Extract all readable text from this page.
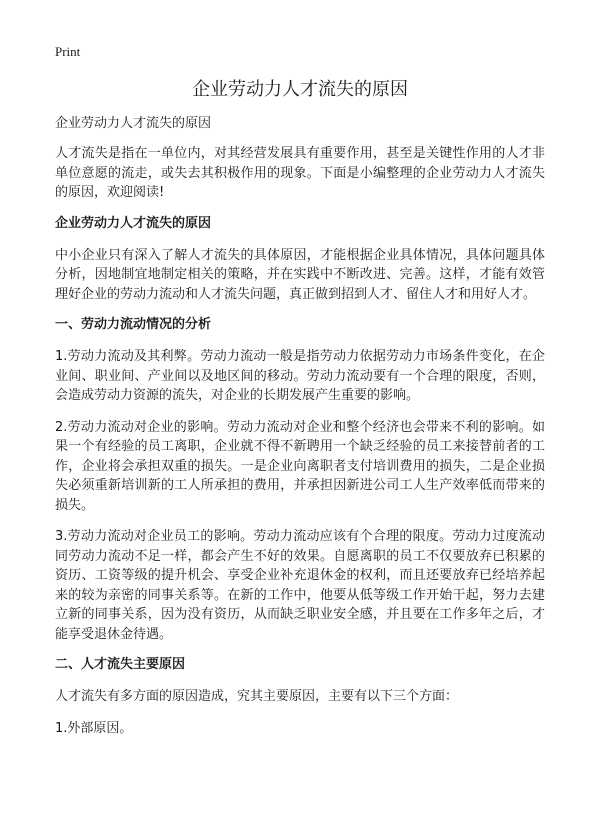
Print
企业劳动力人才流失的原因
企业劳动力人才流失的原因

人才流失是指在一单位内，对其经营发展具有重要作用，甚至是关键性作用的人才非单位意愿的流走，或失去其积极作用的现象。下面是小编整理的企业劳动力人才流失的原因，欢迎阅读!

企业劳动力人才流失的原因

中小企业只有深入了解人才流失的具体原因，才能根据企业具体情况，具体问题具体分析，因地制宜地制定相关的策略，并在实践中不断改进、完善。这样，才能有效管理好企业的劳动力流动和人才流失问题，真正做到招到人才、留住人才和用好人才。

一、劳动力流动情况的分析

1.劳动力流动及其利弊。劳动力流动一般是指劳动力依据劳动力市场条件变化，在企业间、职业间、产业间以及地区间的移动。劳动力流动要有一个合理的限度，否则，会造成劳动力资源的流失，对企业的长期发展产生重要的影响。

2.劳动力流动对企业的影响。劳动力流动对企业和整个经济也会带来不利的影响。如果一个有经验的员工离职，企业就不得不新聘用一个缺乏经验的员工来接替前者的工作，企业将会承担双重的损失。一是企业向离职者支付培训费用的损失，二是企业损失必须重新培训新的工人所承担的费用，并承担因新进公司工人生产效率低而带来的损失。

3.劳动力流动对企业员工的影响。劳动力流动应该有个合理的限度。劳动力过度流动同劳动力流动不足一样，都会产生不好的效果。自愿离职的员工不仅要放弃已积累的资历、工资等级的提升机会、享受企业补充退休金的权利，而且还要放弃已经培养起来的较为亲密的同事关系等。在新的工作中，他要从低等级工作开始干起，努力去建立新的同事关系，因为没有资历，从而缺乏职业安全感，并且要在工作多年之后，才能享受退休金待遇。

二、人才流失主要原因

人才流失有多方面的原因造成，究其主要原因，主要有以下三个方面：

1.外部原因。
